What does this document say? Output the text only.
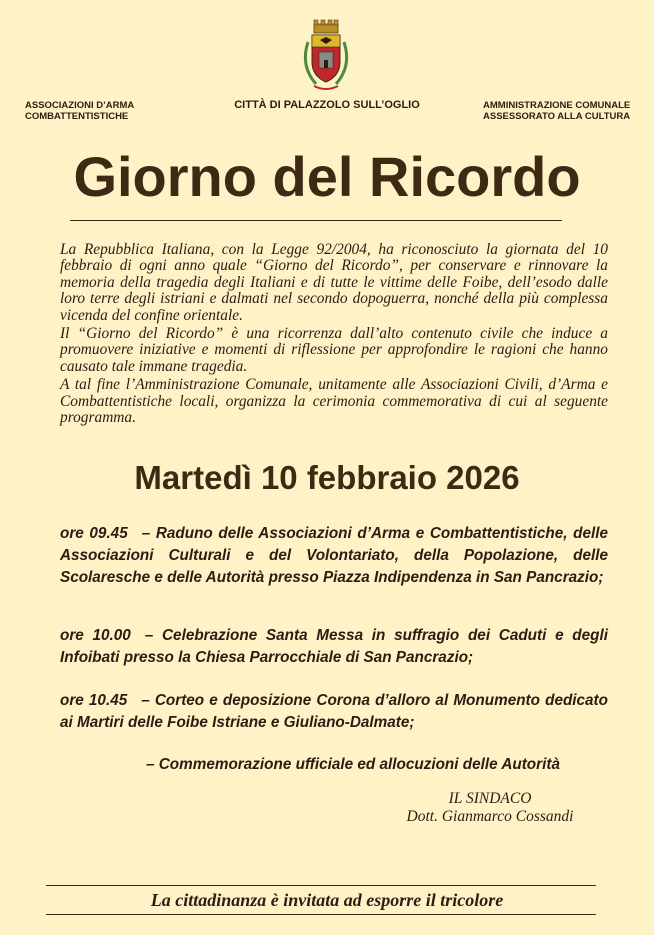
ASSOCIAZIONI D’ARMA COMBATTENTISTICHE
CITTÀ DI PALAZZOLO SULL’OGLIO	AMMINISTRAZIONE COMUNALE ASSESSORATO ALLA CULTURA
Giorno del Ricordo

La Repubblica Italiana, con la Legge 92/2004, ha riconosciuto la giornata del 10 febbraio di ogni anno quale “Giorno del Ricordo”, per conservare e rinnovare la memoria della tragedia degli Italiani e di tutte le vittime delle Foibe, dell’esodo dalle loro terre degli istriani e dalmati nel secondo dopoguerra, nonché della più complessa vicenda del confine orientale.

Il “Giorno del Ricordo” è una ricorrenza dall’alto contenuto civile che induce a promuovere iniziative e momenti di riflessione per approfondire le ragioni che hanno causato tale immane tragedia.

A tal fine l’Amministrazione Comunale, unitamente alle Associazioni Civili, d’Arma e Combattentistiche locali, organizza la cerimonia commemorativa di cui al seguente programma.

Martedì 10 febbraio 2026
ore 09.45 – Raduno delle Associazioni d’Arma e Combattentistiche, delle Associazioni Culturali e del Volontariato, della Popolazione, delle Scolaresche e delle Autorità presso Piazza Indipendenza in San Pancrazio;
ore 10.00 – Celebrazione Santa Messa in suffragio dei Caduti e degli Infoibati presso la Chiesa Parrocchiale di San Pancrazio;
ore 10.45 – Corteo e deposizione Corona d’alloro al Monumento dedicato ai Martiri delle Foibe Istriane e Giuliano-Dalmate;
– Commemorazione ufficiale ed allocuzioni delle Autorità
IL SINDACO
Dott. Gianmarco Cossandi
La cittadinanza è invitata ad esporre il tricolore
